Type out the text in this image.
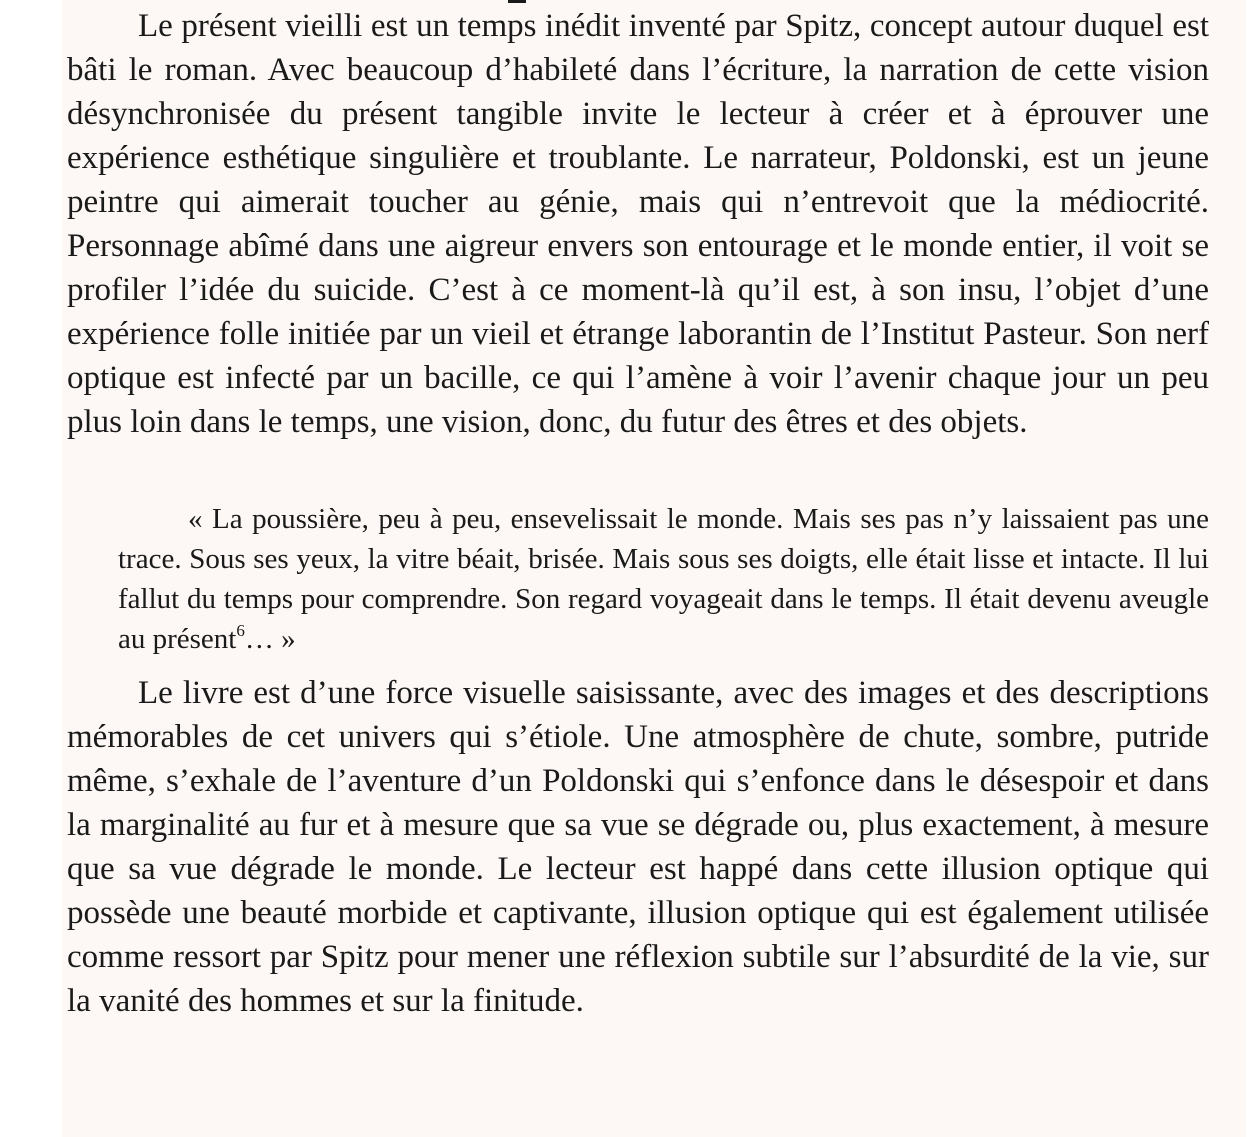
Le présent vieilli est un temps inédit inventé par Spitz, concept autour duquel est bâti le roman. Avec beaucoup d’habileté dans l’écriture, la narration de cette vision désynchronisée du présent tangible invite le lecteur à créer et à éprouver une expérience esthétique singulière et troublante. Le narrateur, Poldonski, est un jeune peintre qui aimerait toucher au génie, mais qui n’entrevoit que la médiocrité. Personnage abîmé dans une aigreur envers son entourage et le monde entier, il voit se profiler l’idée du suicide. C’est à ce moment-là qu’il est, à son insu, l’objet d’une expérience folle initiée par un vieil et étrange laborantin de l’Institut Pasteur. Son nerf optique est infecté par un bacille, ce qui l’amène à voir l’avenir chaque jour un peu plus loin dans le temps, une vision, donc, du futur des êtres et des objets.

« La poussière, peu à peu, ensevelissait le monde. Mais ses pas n’y laissaient pas une trace. Sous ses yeux, la vitre béait, brisée. Mais sous ses doigts, elle était lisse et intacte. Il lui fallut du temps pour comprendre. Son regard voyageait dans le temps. Il était devenu aveugle au présent$^6$… »

Le livre est d’une force visuelle saisissante, avec des images et des descriptions mémorables de cet univers qui s’étiole. Une atmosphère de chute, sombre, putride même, s’exhale de l’aventure d’un Poldonski qui s’enfonce dans le désespoir et dans la marginalité au fur et à mesure que sa vue se dégrade ou, plus exactement, à mesure que sa vue dégrade le monde. Le lecteur est happé dans cette illusion optique qui possède une beauté morbide et captivante, illusion optique qui est également utilisée comme ressort par Spitz pour mener une réflexion subtile sur l’absurdité de la vie, sur la vanité des hommes et sur la finitude.
